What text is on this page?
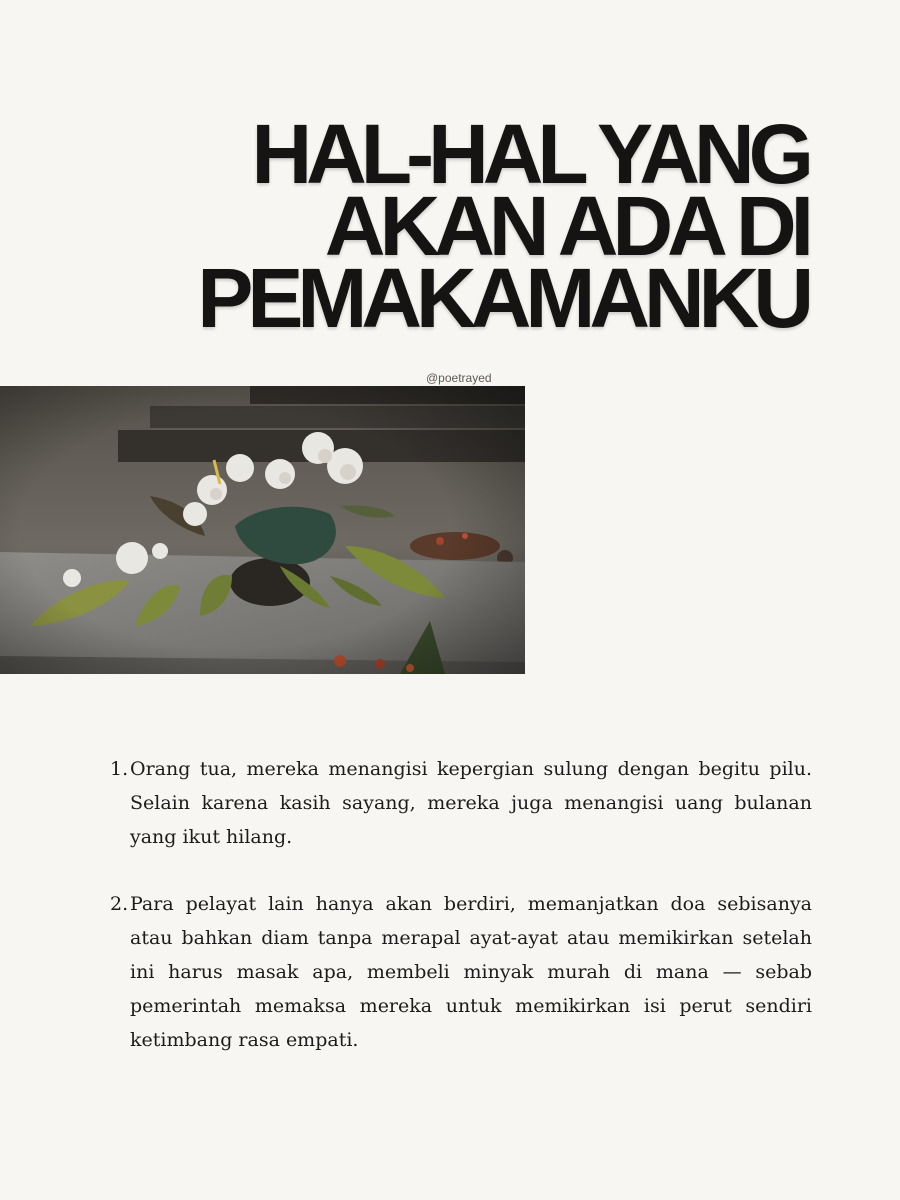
HAL-HAL YANG
AKAN ADA DI
PEMAKAMANKU
@poetrayed
1. Orang tua, mereka menangisi kepergian sulung dengan begitu pilu. Selain karena kasih sayang, mereka juga menangisi uang bulanan yang ikut hilang.
2. Para pelayat lain hanya akan berdiri, memanjatkan doa sebisanya atau bahkan diam tanpa merapal ayat-ayat atau memikirkan setelah ini harus masak apa, membeli minyak murah di mana — sebab pemerintah memaksa mereka untuk memikirkan isi perut sendiri ketimbang rasa empati.
